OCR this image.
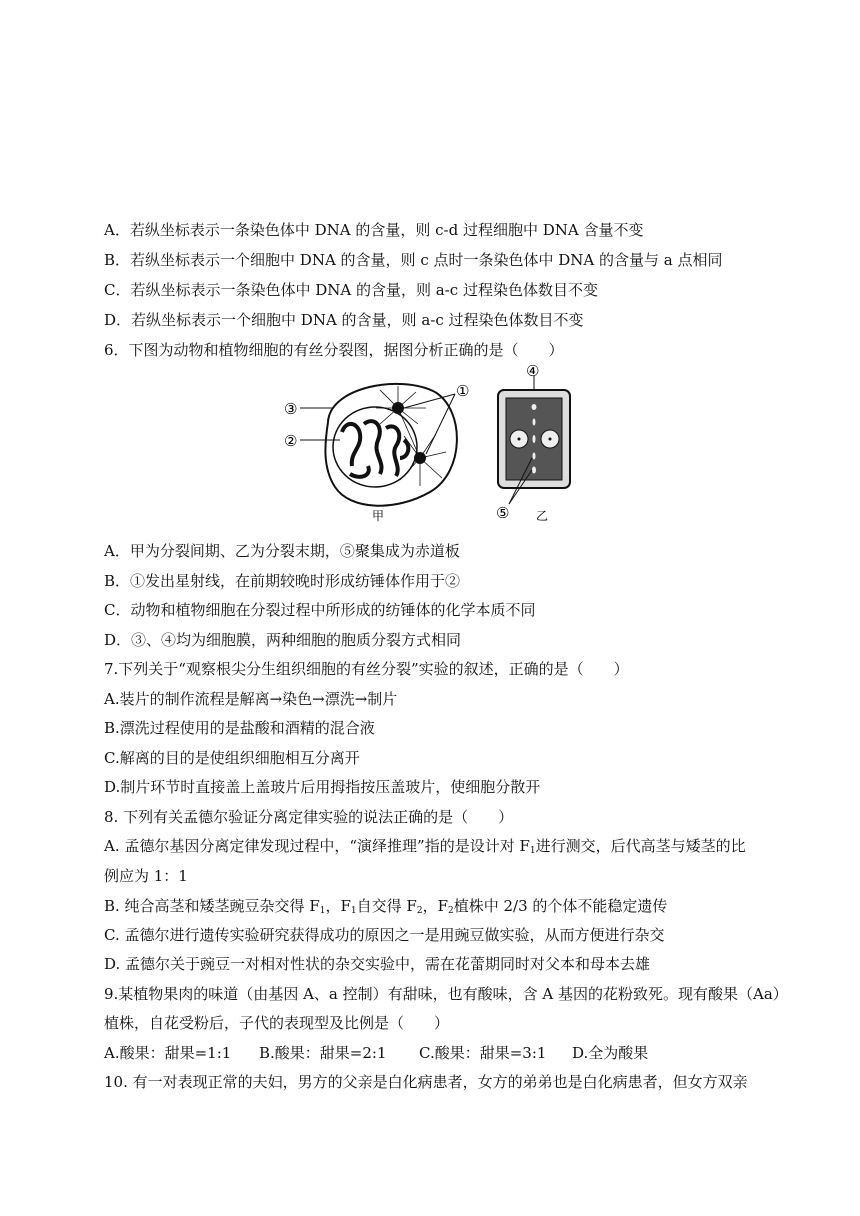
A．若纵坐标表示一条染色体中 DNA 的含量，则 c-d 过程细胞中 DNA 含量不变
B．若纵坐标表示一个细胞中 DNA 的含量，则 c 点时一条染色体中 DNA 的含量与 a 点相同
C．若纵坐标表示一条染色体中 DNA 的含量，则 a-c 过程染色体数目不变
D．若纵坐标表示一个细胞中 DNA 的含量，则 a-c 过程染色体数目不变
6．下图为动物和植物细胞的有丝分裂图，据图分析正确的是（　　）
③
②
①
甲
④
⑤ 乙
A．甲为分裂间期、乙为分裂末期，⑤聚集成为赤道板
B．①发出星射线，在前期较晚时形成纺锤体作用于②
C．动物和植物细胞在分裂过程中所形成的纺锤体的化学本质不同
D．③、④均为细胞膜，两种细胞的胞质分裂方式相同
7.下列关于“观察根尖分生组织细胞的有丝分裂”实验的叙述，正确的是（　　）
A.装片的制作流程是解离→染色→漂洗→制片
B.漂洗过程使用的是盐酸和酒精的混合液
C.解离的目的是使组织细胞相互分离开
D.制片环节时直接盖上盖玻片后用拇指按压盖玻片，使细胞分散开
8. 下列有关孟德尔验证分离定律实验的说法正确的是（　　）
A. 孟德尔基因分离定律发现过程中，“演绎推理”指的是设计对 $F_1$进行测交，后代高茎与矮茎的比
例应为 1：1
B. 纯合高茎和矮茎豌豆杂交得 $F_1$，$F_1$自交得 $F_2$，$F_2$植株中 2/3 的个体不能稳定遗传
C. 孟德尔进行遗传实验研究获得成功的原因之一是用豌豆做实验，从而方便进行杂交
D. 孟德尔关于豌豆一对相对性状的杂交实验中，需在花蕾期同时对父本和母本去雄
9.某植物果肉的味道（由基因 A、a 控制）有甜味，也有酸味，含 A 基因的花粉致死。现有酸果（Aa）
植株，自花受粉后，子代的表现型及比例是（　　）
A.酸果：甜果=1:1 B.酸果：甜果=2:1 C.酸果：甜果=3:1 D.全为酸果
10. 有一对表现正常的夫妇，男方的父亲是白化病患者，女方的弟弟也是白化病患者，但女方双亲
